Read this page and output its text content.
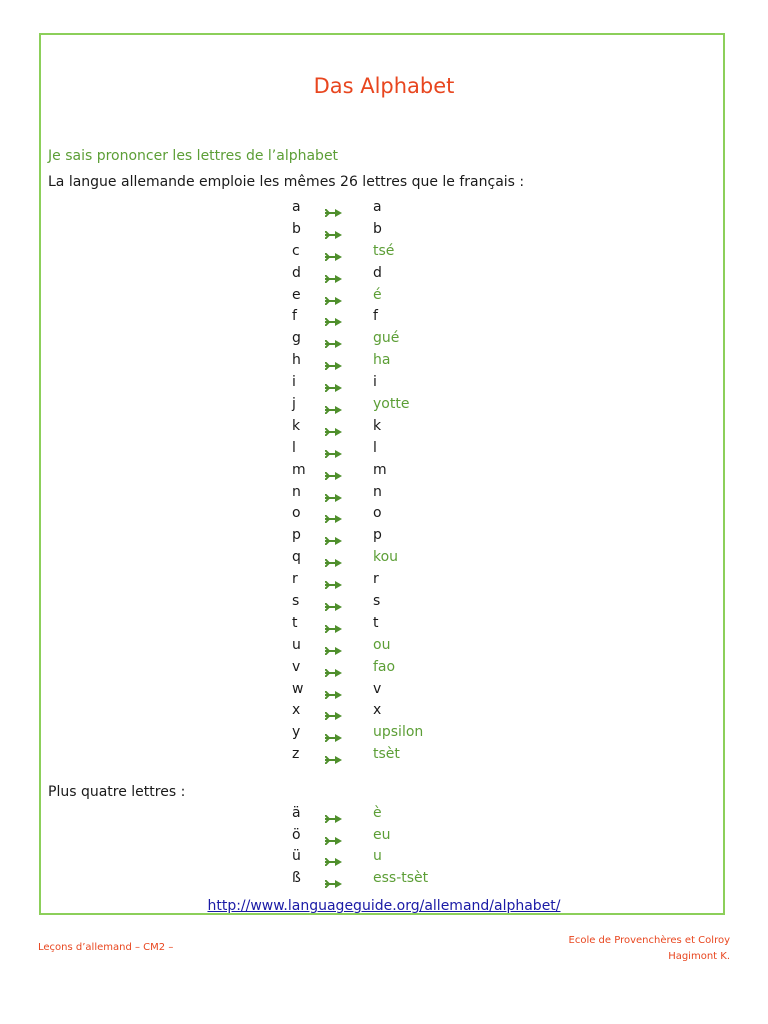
Das Alphabet
Je sais prononcer les lettres de l’alphabet
La langue allemande emploie les mêmes 26 lettres que le français :
a	a
b	b
c	tsé
d	d
e	é
f	f
g	gué
h	ha
i	i
j	yotte
k	k
l	l
m	m
n	n
o	o
p	p
q	kou
r	r
s	s
t	t
u	ou
v	fao
w	v
x	x
y	upsilon
z	tsèt
Plus quatre lettres :
ä	è
ö	eu
ü	u
ß	ess-tsèt
http://www.languageguide.org/allemand/alphabet/
Leçons d’allemand – CM2 –
Ecole de Provenchères et Colroy
Hagimont K.
